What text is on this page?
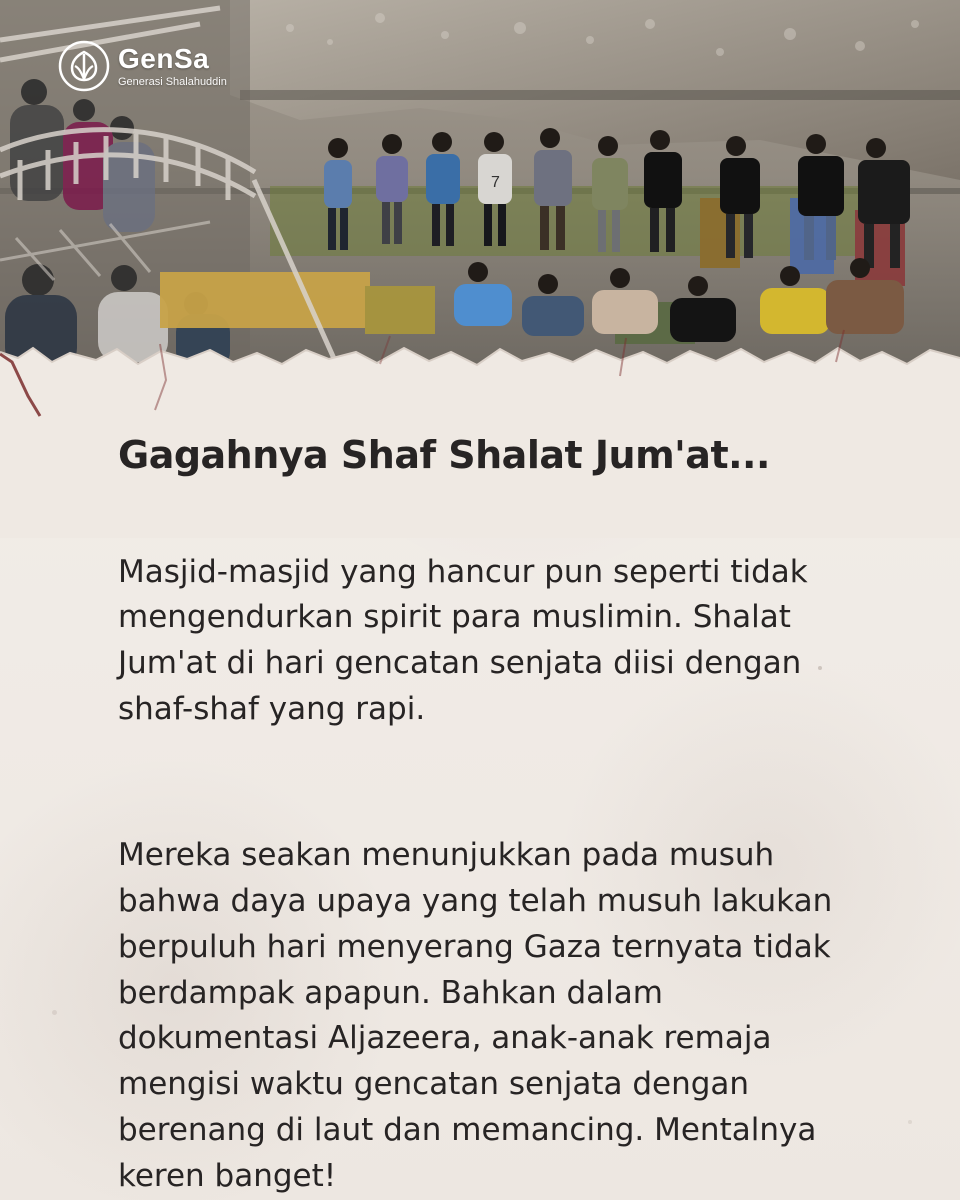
7
GenSa
Generasi Shalahuddin
Gagahnya Shaf Shalat Jum'at...

Masjid-masjid yang hancur pun seperti tidak
mengendurkan spirit para muslimin. Shalat
Jum'at di hari gencatan senjata diisi dengan
shaf-shaf yang rapi.

Mereka seakan menunjukkan pada musuh
bahwa daya upaya yang telah musuh lakukan
berpuluh hari menyerang Gaza ternyata tidak
berdampak apapun. Bahkan dalam
dokumentasi Aljazeera, anak-anak remaja
mengisi waktu gencatan senjata dengan
berenang di laut dan memancing. Mentalnya
keren banget!
